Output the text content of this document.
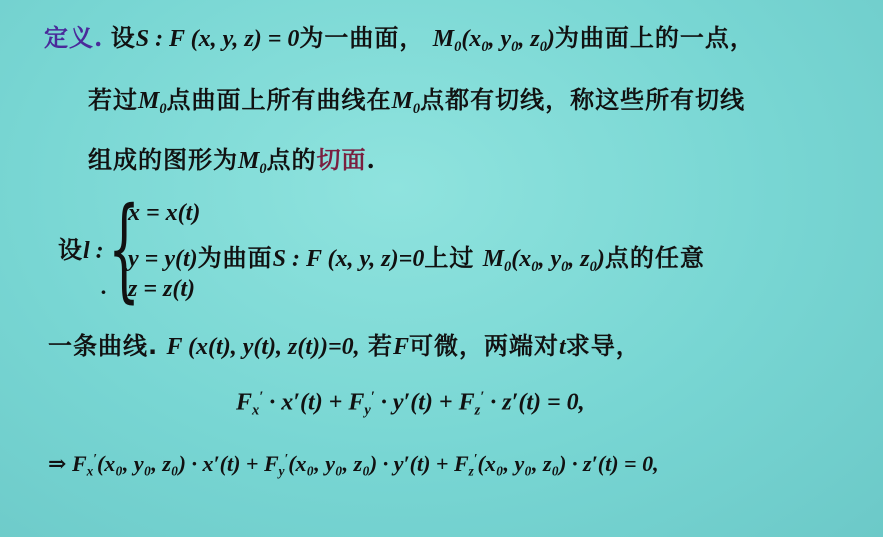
定义. 设S : F (x, y, z) = 0为一曲面， $M_0(x_0$, $y_0$, $z_0$)为曲面上的一点，
若过$M_0$点曲面上所有曲线在$M_0$点都有切线，称这些所有切线
组成的图形为$M_0$点的切面.
设l :
· {
x = x(t)
y = y(t)为曲面S : F (x, y, z)=0上过 $M_0(x_0$, $y_0$, $z_0$)点的任意
z = z(t)
一条曲线. F (x(t), y(t), z(t))=0, 若F可微，两端对t求导，
$F_x' \cdot x'(t) + F_y' \cdot y'(t) + F_z' \cdot z'(t) = 0$,
⇒ $F_x'(x_0$, y₀, $z_0) \cdot x'(t) + F_y'(x_0$, y₀, $z_0) \cdot y'(t) + F_z'(x_0$, y₀, z₀) · z′(t) = 0,
